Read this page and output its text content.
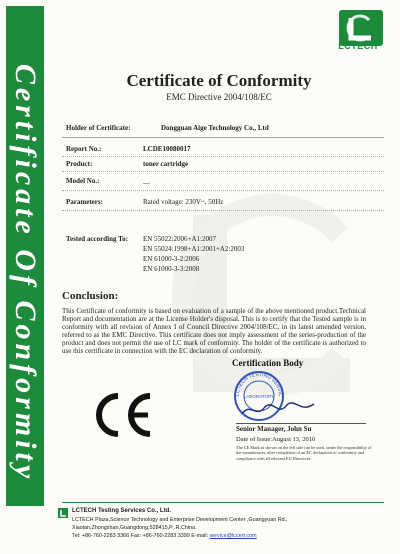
Certificate Of Conformity
LCTECH
Certificate of Conformity
EMC Directive 2004/108/EC
Holder of Certificate:	Dongguan Aige Technology Co., Ltd
Report No.:	LCDE10080017
Product:	toner cartridge
Model No.:	—
Parameters:	Rated voltage: 230V~, 50Hz
Tested according To: EN 55022:2006+A1:2007
EN 55024:1998+A1:2001+A2:2003
EN 61000-3-2:2006
EN 61000-3-3:2008
Conclusion:
This Certificate of conformity is based on evaluation of a sample of the above mentioned product.Technical Report and documentation are at the License Holder's disposal. This is to certify that the Tested sample is in conformity with all revision of Annex I of Council Directive 2004/108/EC, in its latest amended version, referred to as the EMC Directive. This certificate does not imply assessment of the series-production of the product and does not permit the use of LC mark of conformity. The holder of the certificate is authorized to use this certificate in connection with the EC declaration of conformity.
Certification Body
LCTECH TESTING SERVIC
LABORATORY
Senior Manager, John Su
Date of Issue:August 13, 2010
The CE Mark as shown on the left side can be used, under the responsibility of the manufacturer, after completion of an EC declaration of conformity and compliance with all relevant EU Directives.
LCTECH Testing Services Co., Ltd.
LCTECH Plaza,Science Technology and Enterprise Development Center ,Guangyuan Rd.,
Xiaolan,Zhongshan,Guangdong,528415,P .R.China.
Tel: +86-760-2283 3366 Fax: +86-760-2283 3399 E-mail: service@lccert.com
